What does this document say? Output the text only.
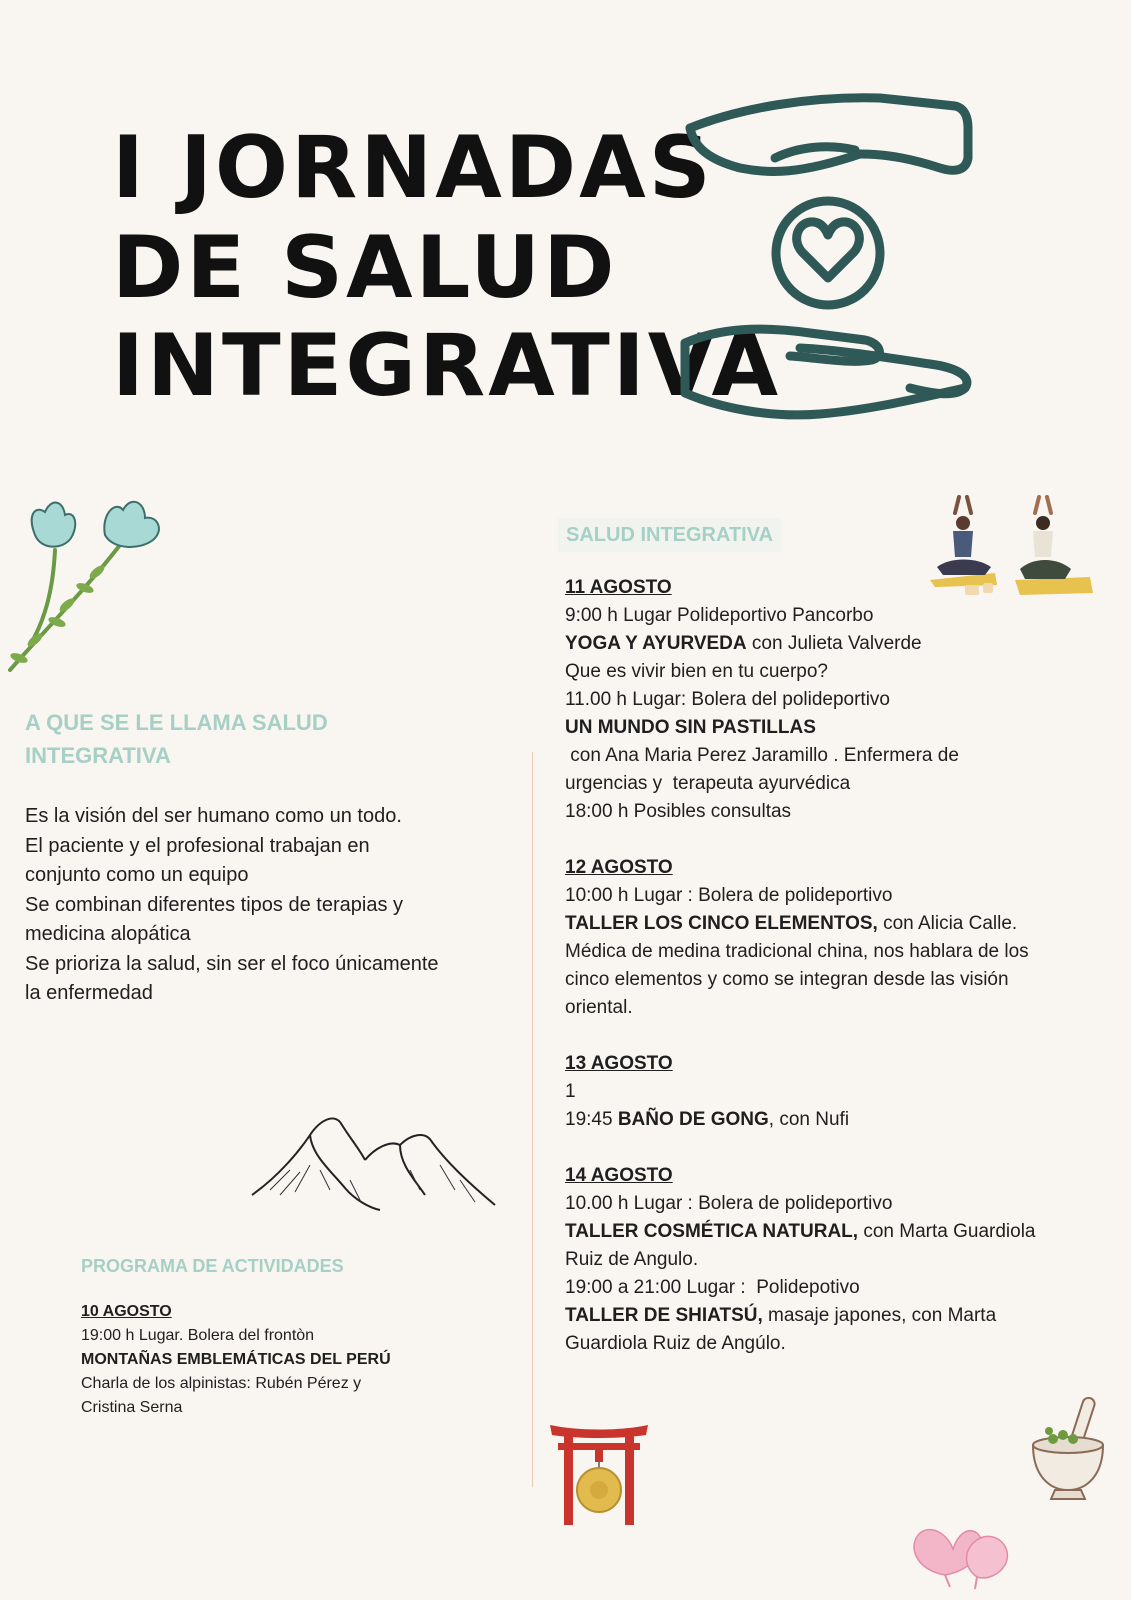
I JORNADAS
DE SALUD
INTEGRATIVA
A QUE SE LE LLAMA SALUD
INTEGRATIVA
Es la visión del ser humano como un todo.
El paciente y el profesional trabajan en
conjunto como un equipo
Se combinan diferentes tipos de terapias y
medicina alopática
Se prioriza la salud, sin ser el foco únicamente
la enfermedad
PROGRAMA DE ACTIVIDADES
10 AGOSTO
19:00 h Lugar. Bolera del frontòn
MONTAÑAS EMBLEMÁTICAS DEL PERÚ
Charla de los alpinistas: Rubén Pérez y
Cristina Serna
SALUD INTEGRATIVA
11 AGOSTO
9:00 h Lugar Polideportivo Pancorbo
YOGA Y AYURVEDA con Julieta Valverde
Que es vivir bien en tu cuerpo?
11.00 h Lugar: Bolera del polideportivo
UN MUNDO SIN PASTILLAS
con Ana Maria Perez Jaramillo . Enfermera de
urgencias y  terapeuta ayurvédica
18:00 h Posibles consultas
12 AGOSTO
10:00 h Lugar : Bolera de polideportivo
TALLER LOS CINCO ELEMENTOS, con Alicia Calle.
Médica de medina tradicional china, nos hablara de los
cinco elementos y como se integran desde las visión
oriental.
13 AGOSTO
1
19:45 BAÑO DE GONG, con Nufi
14 AGOSTO
10.00 h Lugar : Bolera de polideportivo
TALLER COSMÉTICA NATURAL, con Marta Guardiola
Ruiz de Angulo.
19:00 a 21:00 Lugar :  Polidepotivo
TALLER DE SHIATSÚ, masaje japones, con Marta
Guardiola Ruiz de Angúlo.
